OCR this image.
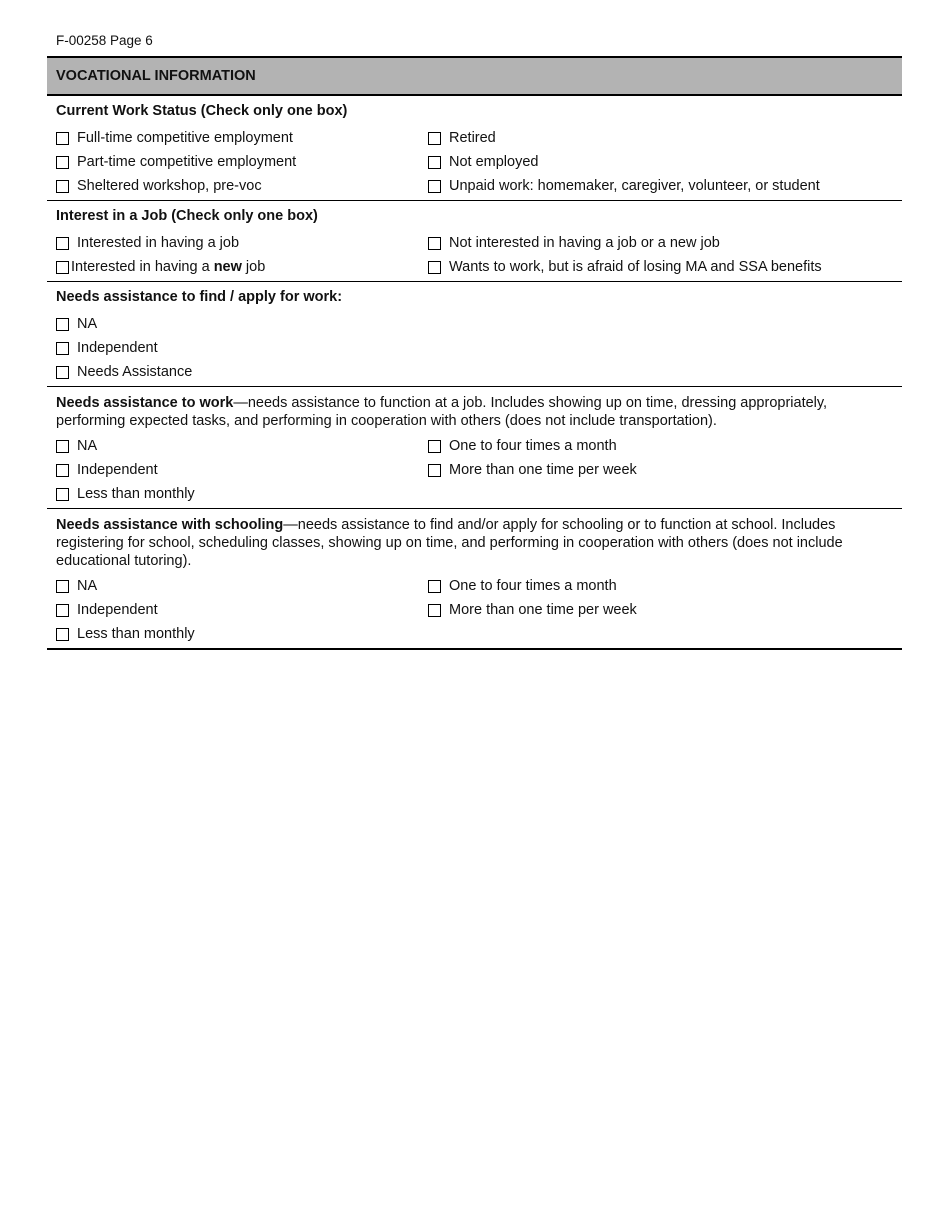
F-00258 Page 6
VOCATIONAL INFORMATION
Current Work Status (Check only one box)
Full-time competitive employment	Retired
Part-time competitive employment	Not employed
Sheltered workshop, pre-voc	Unpaid work: homemaker, caregiver, volunteer, or student
Interest in a Job (Check only one box)
Interested in having a job	Not interested in having a job or a new job
Interested in having a new job	Wants to work, but is afraid of losing MA and SSA benefits
Needs assistance to find / apply for work:
NA
Independent
Needs Assistance
Needs assistance to work—needs assistance to function at a job. Includes showing up on time, dressing appropriately, performing expected tasks, and performing in cooperation with others (does not include transportation).
NA	One to four times a month
Independent	More than one time per week
Less than monthly
Needs assistance with schooling—needs assistance to find and/or apply for schooling or to function at school. Includes registering for school, scheduling classes, showing up on time, and performing in cooperation with others (does not include educational tutoring).
NA	One to four times a month
Independent	More than one time per week
Less than monthly
